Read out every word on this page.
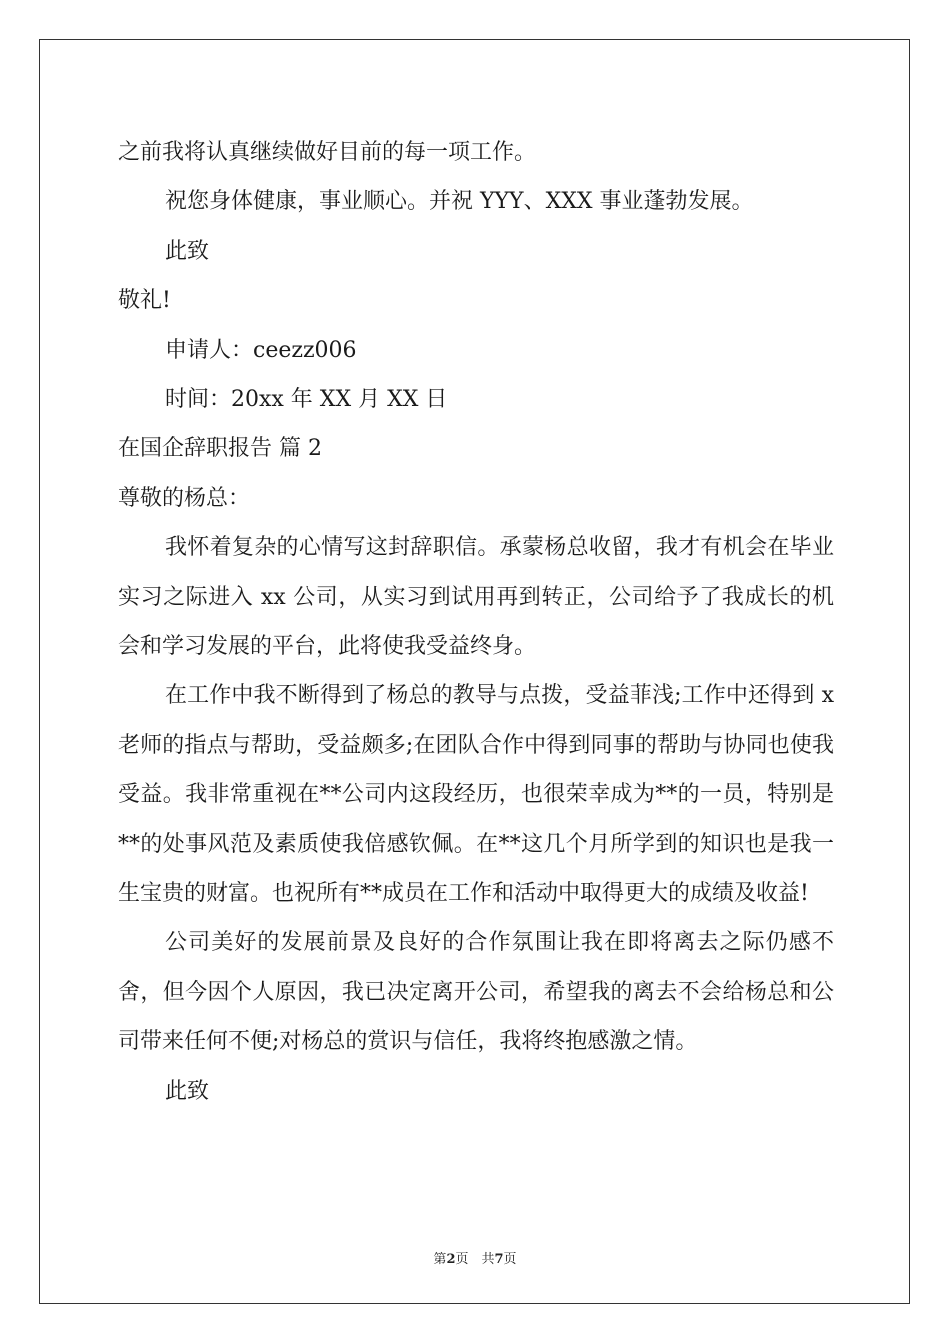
之前我将认真继续做好目前的每一项工作。
祝您身体健康，事业顺心。并祝 YYY、XXX 事业蓬勃发展。
此致
敬礼!
申请人：ceezz006
时间：20xx 年 XX 月 XX 日
在国企辞职报告 篇 2
尊敬的杨总：

我怀着复杂的心情写这封辞职信。承蒙杨总收留，我才有机会在毕业实习之际进入 xx 公司，从实习到试用再到转正，公司给予了我成长的机会和学习发展的平台，此将使我受益终身。

在工作中我不断得到了杨总的教导与点拨，受益菲浅;工作中还得到 x 老师的指点与帮助，受益颇多;在团队合作中得到同事的帮助与协同也使我受益。我非常重视在**公司内这段经历，也很荣幸成为**的一员，特别是**的处事风范及素质使我倍感钦佩。在**这几个月所学到的知识也是我一生宝贵的财富。也祝所有**成员在工作和活动中取得更大的成绩及收益!

公司美好的发展前景及良好的合作氛围让我在即将离去之际仍感不舍，但今因个人原因，我已决定离开公司，希望我的离去不会给杨总和公司带来任何不便;对杨总的赏识与信任，我将终抱感激之情。

此致
第2页　共7页
